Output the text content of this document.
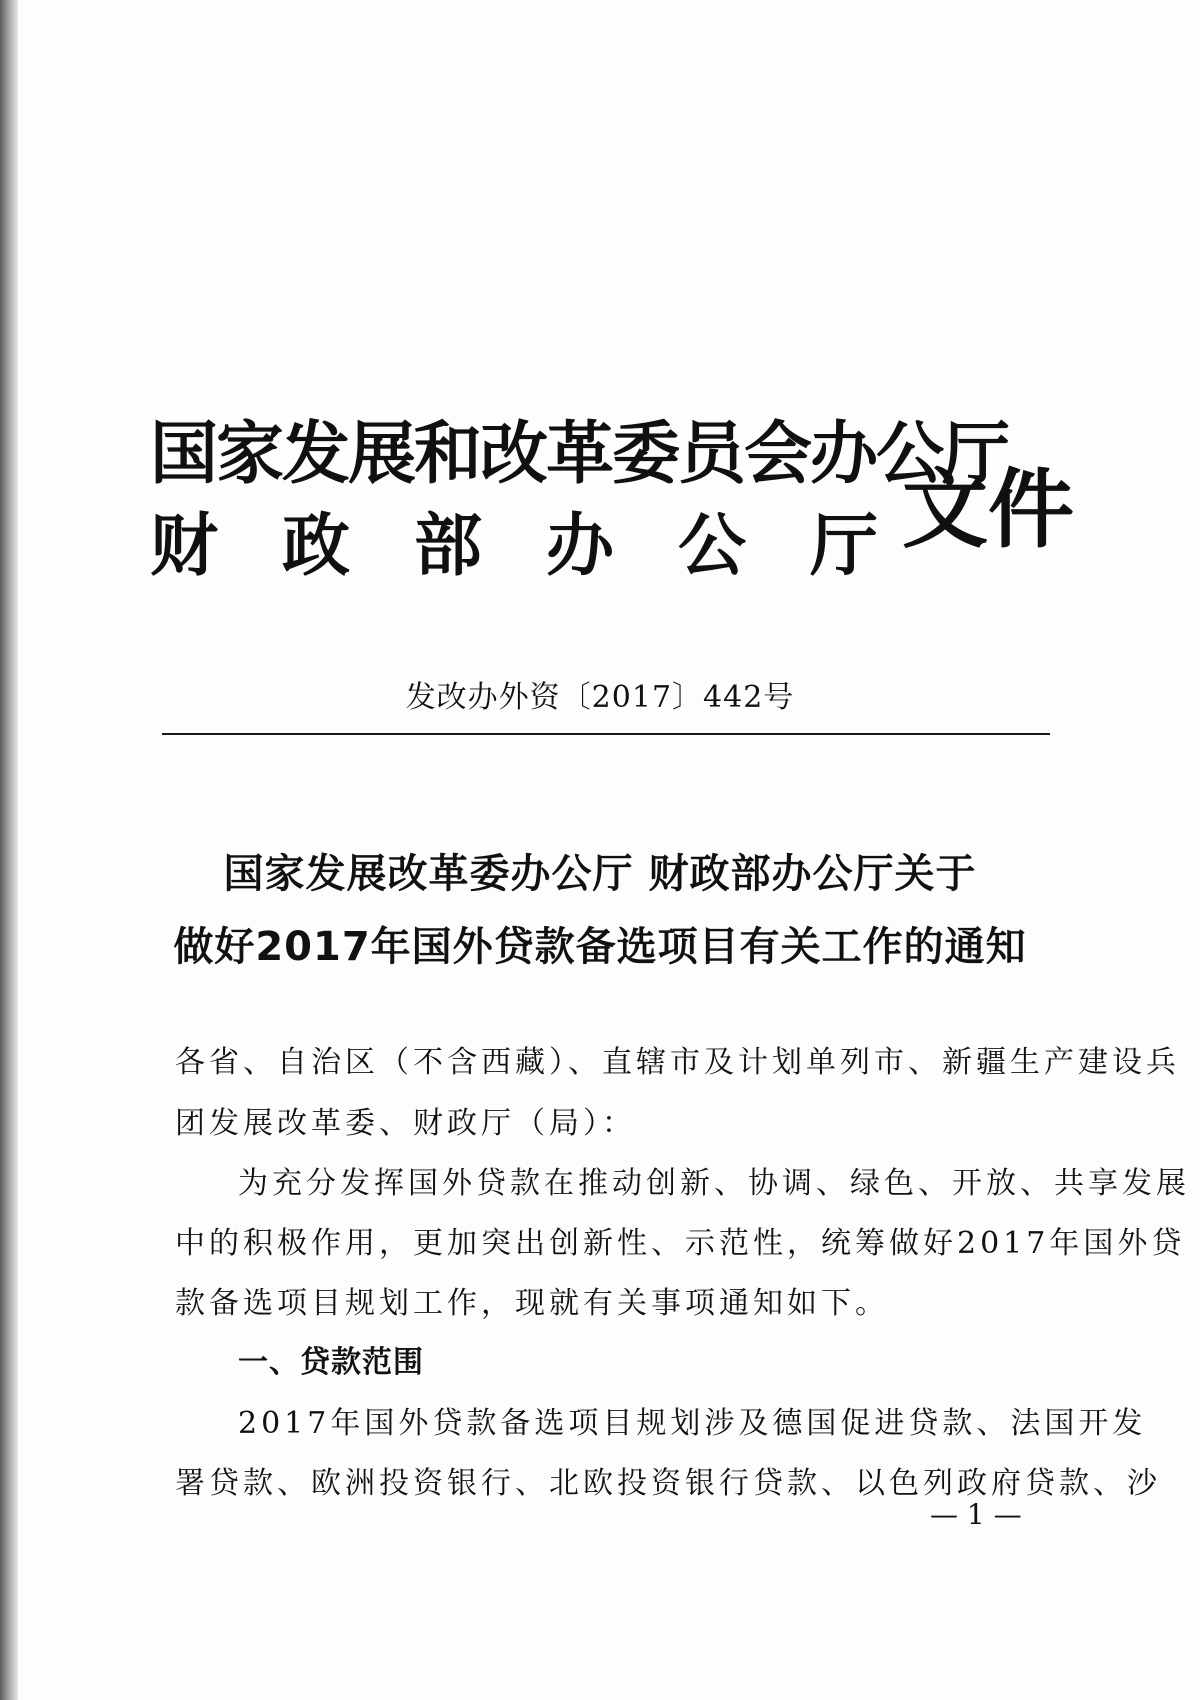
国家发展和改革委员会办公厅
财政部办公厅
文件
发改办外资〔2017〕442号
国家发展改革委办公厅 财政部办公厅关于
做好2017年国外贷款备选项目有关工作的通知
各省、自治区（不含西藏）、直辖市及计划单列市、新疆生产建设兵
团发展改革委、财政厅（局）：
为充分发挥国外贷款在推动创新、协调、绿色、开放、共享发展
中的积极作用，更加突出创新性、示范性，统筹做好2017年国外贷
款备选项目规划工作，现就有关事项通知如下。
一、贷款范围
2017年国外贷款备选项目规划涉及德国促进贷款、法国开发
署贷款、欧洲投资银行、北欧投资银行贷款、以色列政府贷款、沙
— 1 —
